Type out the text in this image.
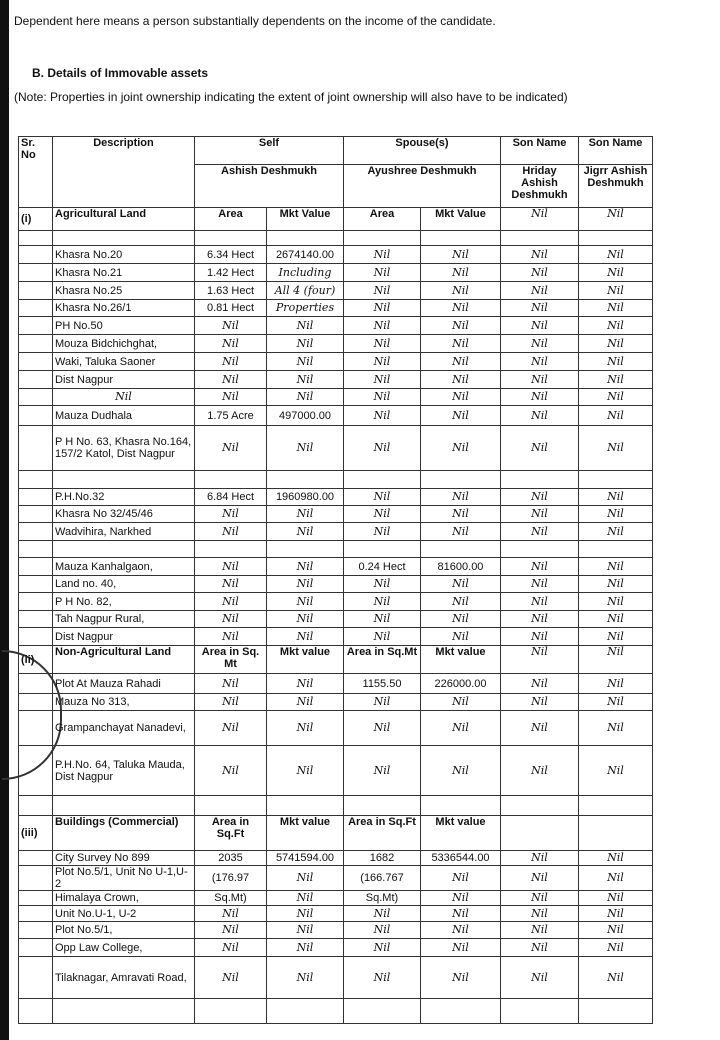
Dependent here means a person substantially dependents on the income of the candidate.
B. Details of Immovable assets
(Note: Properties in joint ownership indicating the extent of joint ownership will also have to be indicated)
Sr. No	Description	Self		Spouse(s)		Son Name	Son Name
		Ashish Deshmukh		Ayushree Deshmukh		Hriday Ashish Deshmukh	Jigrr Ashish Deshmukh
(i)	Agricultural Land	Area	Mkt Value	Area	Mkt Value	Nil	Nil

	Khasra No.20	6.34 Hect	2674140.00	Nil	Nil	Nil	Nil
	Khasra No.21	1.42 Hect	Including	Nil	Nil	Nil	Nil
	Khasra No.25	1.63 Hect	All 4 (four)	Nil	Nil	Nil	Nil
	Khasra No.26/1	0.81 Hect	Properties	Nil	Nil	Nil	Nil
	PH No.50	Nil	Nil	Nil	Nil	Nil	Nil
	Mouza Bidchichghat,	Nil	Nil	Nil	Nil	Nil	Nil
	Waki, Taluka Saoner	Nil	Nil	Nil	Nil	Nil	Nil
	Dist Nagpur	Nil	Nil	Nil	Nil	Nil	Nil
	Nil	Nil	Nil	Nil	Nil	Nil	Nil
	Mauza Dudhala	1.75 Acre	497000.00	Nil	Nil	Nil	Nil
	P H No. 63, Khasra No.164, 157/2 Katol, Dist Nagpur	Nil	Nil	Nil	Nil	Nil	Nil

	P.H.No.32	6.84 Hect	1960980.00	Nil	Nil	Nil	Nil
	Khasra No 32/45/46	Nil	Nil	Nil	Nil	Nil	Nil
	Wadvihira, Narkhed	Nil	Nil	Nil	Nil	Nil	Nil

	Mauza Kanhalgaon,	Nil	Nil	0.24 Hect	81600.00	Nil	Nil
	Land no. 40,	Nil	Nil	Nil	Nil	Nil	Nil
	P H No. 82,	Nil	Nil	Nil	Nil	Nil	Nil
	Tah Nagpur Rural,	Nil	Nil	Nil	Nil	Nil	Nil
	Dist Nagpur	Nil	Nil	Nil	Nil	Nil	Nil
(ii)	Non-Agricultural Land	Area in Sq. Mt	Mkt value	Area in Sq.Mt	Mkt value	Nil	Nil
	Plot At Mauza Rahadi	Nil	Nil	1155.50	226000.00	Nil	Nil
	Mauza No 313,	Nil	Nil	Nil	Nil	Nil	Nil
	Grampanchayat Nanadevi,	Nil	Nil	Nil	Nil	Nil	Nil
	P.H.No. 64, Taluka Mauda, Dist Nagpur	Nil	Nil	Nil	Nil	Nil	Nil

(iii)	Buildings (Commercial)	Area in Sq.Ft	Mkt value	Area in Sq.Ft	Mkt value		
	City Survey No 899	2035	5741594.00	1682	5336544.00	Nil	Nil
	Plot No.5/1, Unit No U-1,U-2	(176.97	Nil	(166.767	Nil	Nil	Nil
	Himalaya Crown,	Sq.Mt)	Nil	Sq.Mt)	Nil	Nil	Nil
	Unit No.U-1, U-2	Nil	Nil	Nil	Nil	Nil	Nil
	Plot No.5/1,	Nil	Nil	Nil	Nil	Nil	Nil
	Opp Law College,	Nil	Nil	Nil	Nil	Nil	Nil
	Tilaknagar, Amravati Road,	Nil	Nil	Nil	Nil	Nil	Nil
